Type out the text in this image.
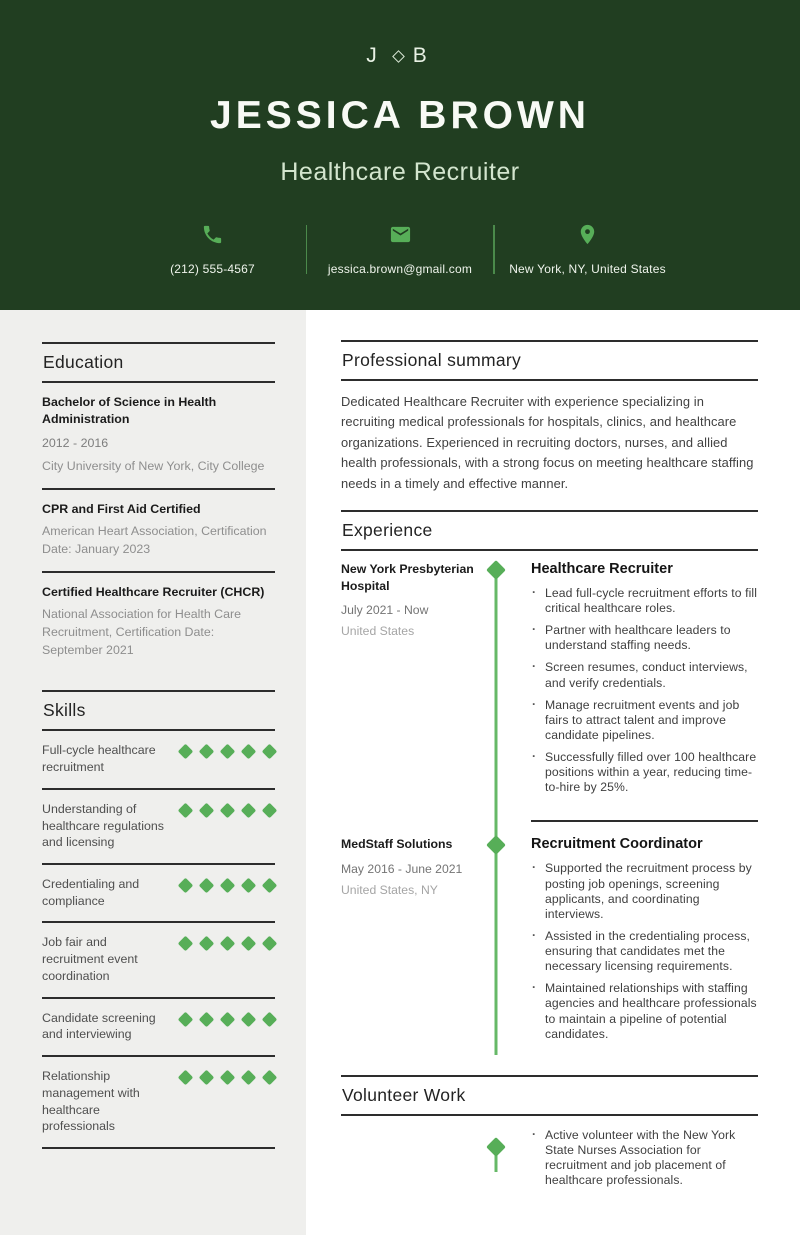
J B
JESSICA BROWN
Healthcare Recruiter
(212) 555-4567	jessica.brown@gmail.com	New York, NY, United States
Education
Bachelor of Science in Health Administration
2012 - 2016
City University of New York, City College
CPR and First Aid Certified
American Heart Association, Certification Date: January 2023
Certified Healthcare Recruiter (CHCR)
National Association for Health Care Recruitment, Certification Date: September 2021
Skills
Full-cycle healthcare recruitment
Understanding of healthcare regulations and licensing
Credentialing and compliance
Job fair and recruitment event coordination
Candidate screening and interviewing
Relationship management with healthcare professionals
Professional summary

Dedicated Healthcare Recruiter with experience specializing in recruiting medical professionals for hospitals, clinics, and healthcare organizations. Experienced in recruiting doctors, nurses, and allied health professionals, with a strong focus on meeting healthcare staffing needs in a timely and effective manner.

Experience
New York Presbyterian Hospital
July 2021 - Now
United States
Healthcare Recruiter
· Lead full-cycle recruitment efforts to fill critical healthcare roles.
· Partner with healthcare leaders to understand staffing needs.
· Screen resumes, conduct interviews, and verify credentials.
· Manage recruitment events and job fairs to attract talent and improve candidate pipelines.
· Successfully filled over 100 healthcare positions within a year, reducing time-to-hire by 25%.
MedStaff Solutions
May 2016 - June 2021
United States, NY
Recruitment Coordinator
· Supported the recruitment process by posting job openings, screening applicants, and coordinating interviews.
· Assisted in the credentialing process, ensuring that candidates met the necessary licensing requirements.
· Maintained relationships with staffing agencies and healthcare professionals to maintain a pipeline of potential candidates.
Volunteer Work
· Active volunteer with the New York State Nurses Association for recruitment and job placement of healthcare professionals.
